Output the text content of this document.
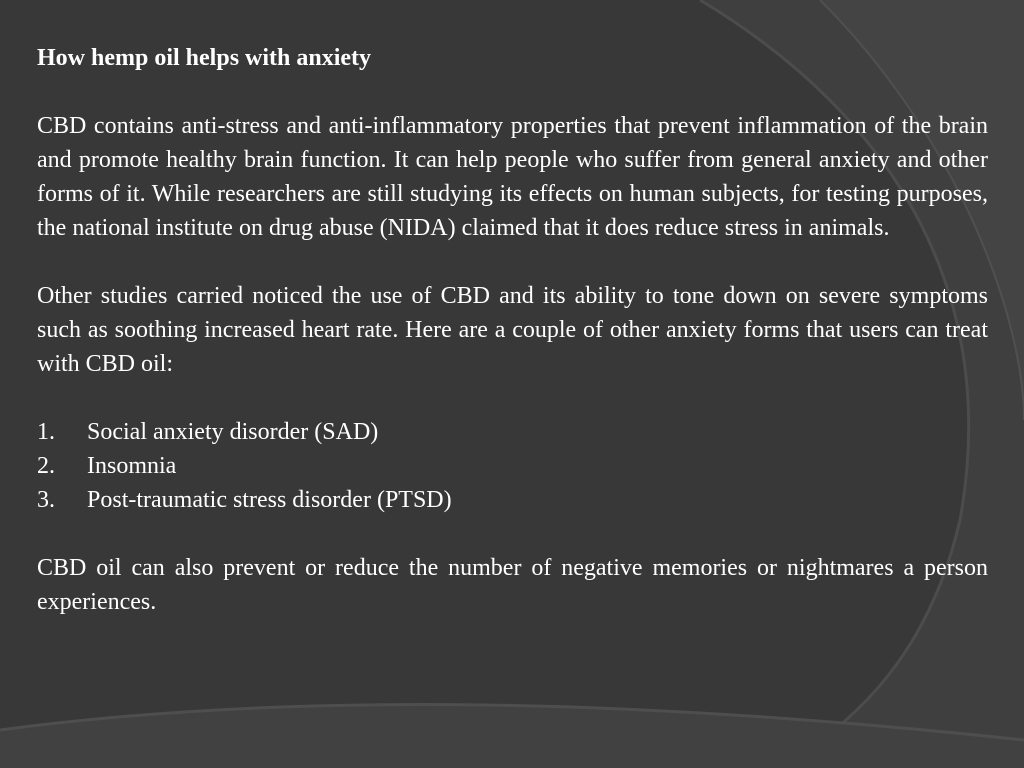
How hemp oil helps with anxiety

CBD contains anti-stress and anti-inflammatory properties that prevent inflammation of the brain and promote healthy brain function. It can help people who suffer from general anxiety and other forms of it. While researchers are still studying its effects on human subjects, for testing purposes, the national institute on drug abuse (NIDA) claimed that it does reduce stress in animals.

Other studies carried noticed the use of CBD and its ability to tone down on severe symptoms such as soothing increased heart rate. Here are a couple of other anxiety forms that users can treat with CBD oil:

1.	Social anxiety disorder (SAD)
2.	Insomnia
3.	Post-traumatic stress disorder (PTSD)

CBD oil can also prevent or reduce the number of negative memories or nightmares a person experiences.
